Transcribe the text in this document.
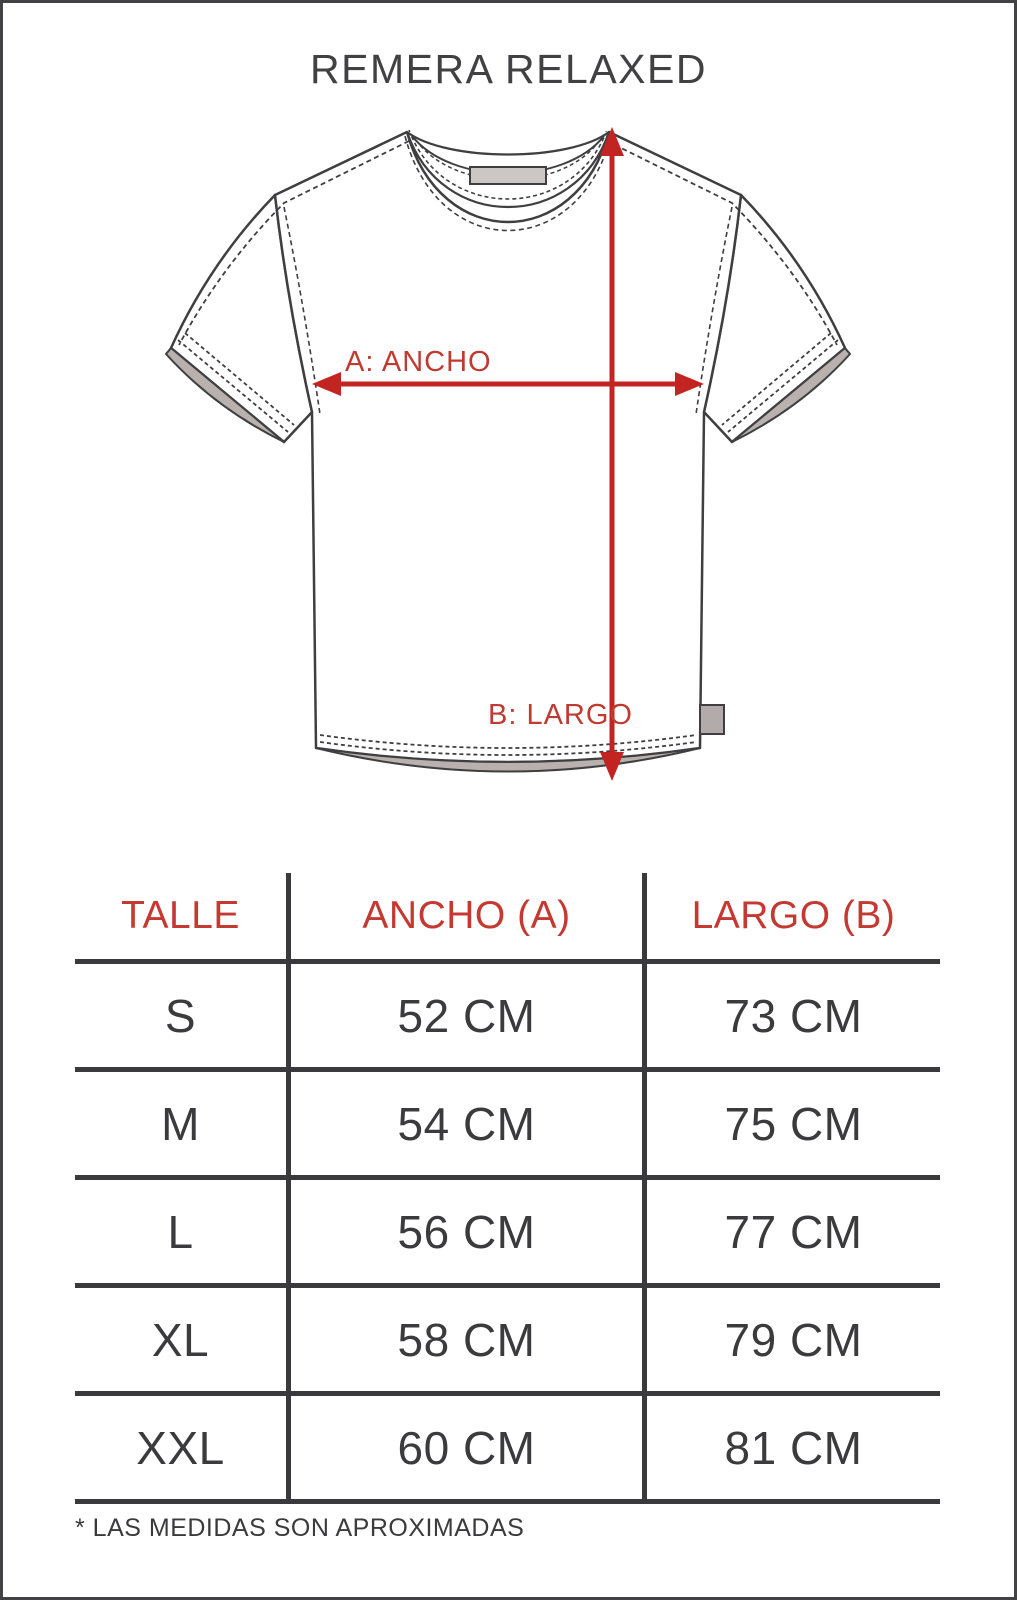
REMERA RELAXED
A: ANCHO
B: LARGO
TALLE	ANCHO (A)	LARGO (B)
S	52 CM	73 CM
M	54 CM	75 CM
L	56 CM	77 CM
XL	58 CM	79 CM
XXL	60 CM	81 CM
* LAS MEDIDAS SON APROXIMADAS
